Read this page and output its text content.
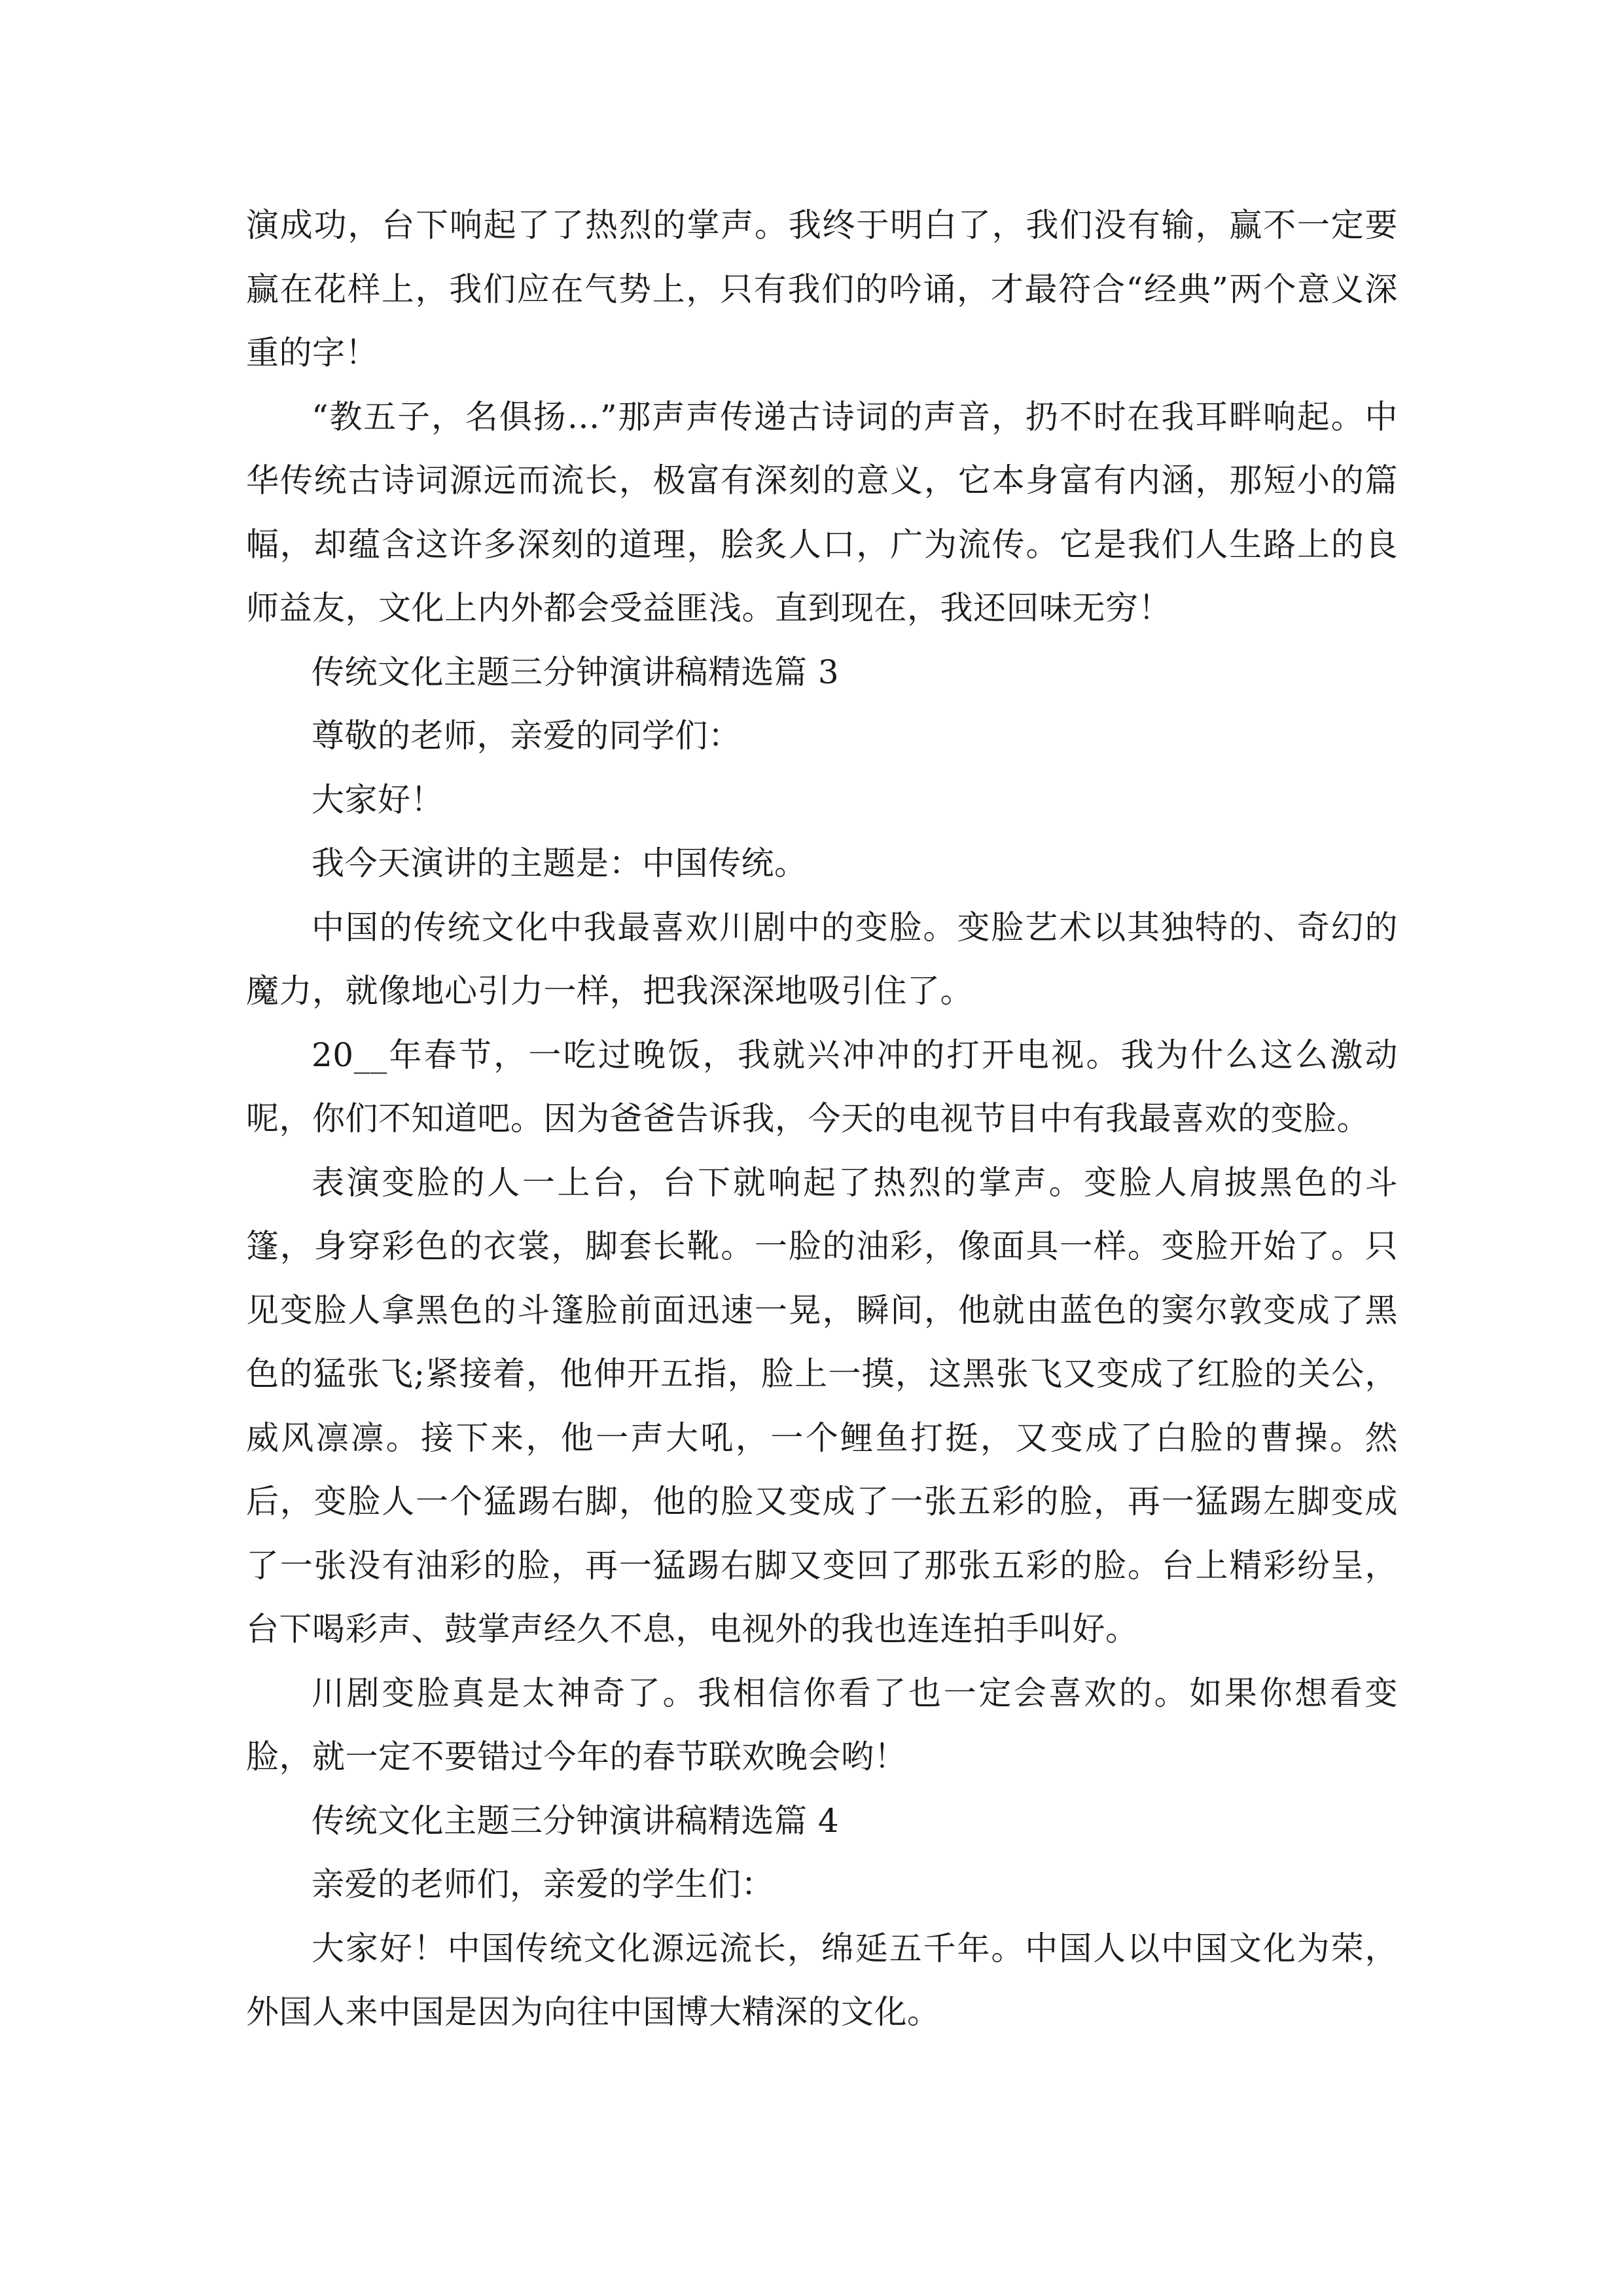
演成功，台下响起了了热烈的掌声。我终于明白了，我们没有输，赢不一定要赢在花样上，我们应在气势上，只有我们的吟诵，才最符合“经典”两个意义深重的字！

“教五子，名俱扬…”那声声传递古诗词的声音，扔不时在我耳畔响起。中华传统古诗词源远而流长，极富有深刻的意义，它本身富有内涵，那短小的篇幅，却蕴含这许多深刻的道理，脍炙人口，广为流传。它是我们人生路上的良师益友，文化上内外都会受益匪浅。直到现在，我还回味无穷！

传统文化主题三分钟演讲稿精选篇 3

尊敬的老师，亲爱的同学们：

大家好！

我今天演讲的主题是：中国传统。

中国的传统文化中我最喜欢川剧中的变脸。变脸艺术以其独特的、奇幻的魔力，就像地心引力一样，把我深深地吸引住了。

20__年春节，一吃过晚饭，我就兴冲冲的打开电视。我为什么这么激动呢，你们不知道吧。因为爸爸告诉我，今天的电视节目中有我最喜欢的变脸。

表演变脸的人一上台，台下就响起了热烈的掌声。变脸人肩披黑色的斗篷，身穿彩色的衣裳，脚套长靴。一脸的油彩，像面具一样。变脸开始了。只见变脸人拿黑色的斗篷脸前面迅速一晃，瞬间，他就由蓝色的窦尔敦变成了黑色的猛张飞;紧接着，他伸开五指，脸上一摸，这黑张飞又变成了红脸的关公，威风凛凛。接下来，他一声大吼，一个鲤鱼打挺，又变成了白脸的曹操。然后，变脸人一个猛踢右脚，他的脸又变成了一张五彩的脸，再一猛踢左脚变成了一张没有油彩的脸，再一猛踢右脚又变回了那张五彩的脸。台上精彩纷呈，台下喝彩声、鼓掌声经久不息，电视外的我也连连拍手叫好。

川剧变脸真是太神奇了。我相信你看了也一定会喜欢的。如果你想看变脸，就一定不要错过今年的春节联欢晚会哟！

传统文化主题三分钟演讲稿精选篇 4

亲爱的老师们，亲爱的学生们：

大家好！中国传统文化源远流长，绵延五千年。中国人以中国文化为荣，外国人来中国是因为向往中国博大精深的文化。
